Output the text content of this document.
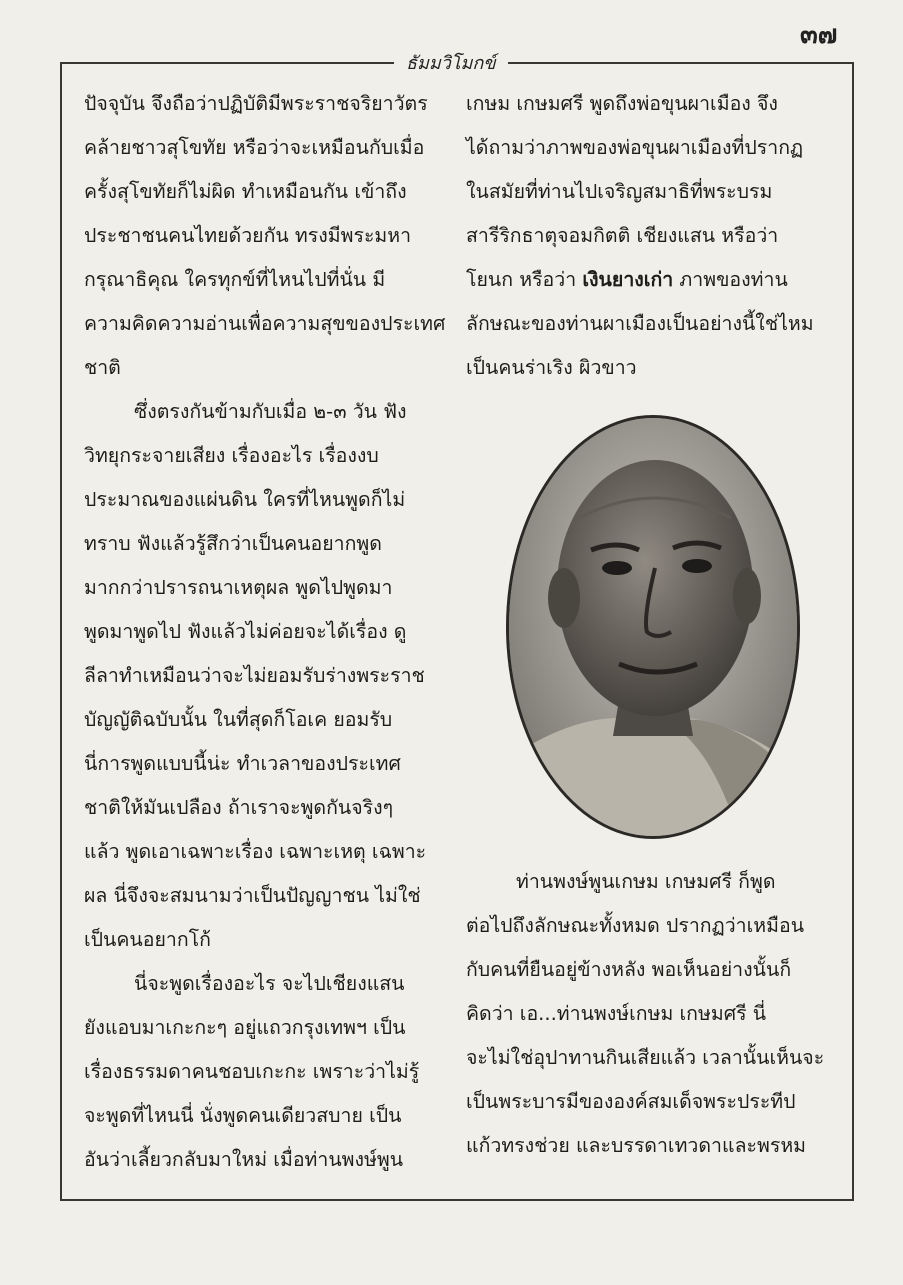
๓๗
ธัมมวิโมกข์
ปัจจุบัน จึงถือว่าปฏิบัติมีพระราชจริยาวัตร
คล้ายชาวสุโขทัย หรือว่าจะเหมือนกับเมื่อ
ครั้งสุโขทัยก็ไม่ผิด ทำเหมือนกัน เข้าถึง
ประชาชนคนไทยด้วยกัน ทรงมีพระมหา
กรุณาธิคุณ ใครทุกข์ที่ไหนไปที่นั่น มี
ความคิดความอ่านเพื่อความสุขของประเทศ
ชาติ
ซึ่งตรงกันข้ามกับเมื่อ ๒-๓ วัน ฟัง
วิทยุกระจายเสียง เรื่องอะไร เรื่องงบ
ประมาณของแผ่นดิน ใครที่ไหนพูดก็ไม่
ทราบ ฟังแล้วรู้สึกว่าเป็นคนอยากพูด
มากกว่าปรารถนาเหตุผล พูดไปพูดมา
พูดมาพูดไป ฟังแล้วไม่ค่อยจะได้เรื่อง ดู
ลีลาทำเหมือนว่าจะไม่ยอมรับร่างพระราช
บัญญัติฉบับนั้น ในที่สุดก็โอเค ยอมรับ
นี่การพูดแบบนี้น่ะ ทำเวลาของประเทศ
ชาติให้มันเปลือง ถ้าเราจะพูดกันจริงๆ
แล้ว พูดเอาเฉพาะเรื่อง เฉพาะเหตุ เฉพาะ
ผล นี่จึงจะสมนามว่าเป็นปัญญาชน ไม่ใช่
เป็นคนอยากโก้
นี่จะพูดเรื่องอะไร จะไปเชียงแสน
ยังแอบมาเกะกะๆ อยู่แถวกรุงเทพฯ เป็น
เรื่องธรรมดาคนชอบเกะกะ เพราะว่าไม่รู้
จะพูดที่ไหนนี่ นั่งพูดคนเดียวสบาย เป็น
อันว่าเลี้ยวกลับมาใหม่ เมื่อท่านพงษ์พูน
เกษม เกษมศรี พูดถึงพ่อขุนผาเมือง จึง
ได้ถามว่าภาพของพ่อขุนผาเมืองที่ปรากฏ
ในสมัยที่ท่านไปเจริญสมาธิที่พระบรม
สารีริกธาตุจอมกิตติ เชียงแสน หรือว่า
โยนก หรือว่า เงินยางเก่า ภาพของท่าน
ลักษณะของท่านผาเมืองเป็นอย่างนี้ใช่ไหม
เป็นคนร่าเริง ผิวขาว
ท่านพงษ์พูนเกษม เกษมศรี ก็พูด
ต่อไปถึงลักษณะทั้งหมด ปรากฏว่าเหมือน
กับคนที่ยืนอยู่ข้างหลัง พอเห็นอย่างนั้นก็
คิดว่า เอ...ท่านพงษ์เกษม เกษมศรี นี่
จะไม่ใช่อุปาทานกินเสียแล้ว เวลานั้นเห็นจะ
เป็นพระบารมีขององค์สมเด็จพระประทีป
แก้วทรงช่วย และบรรดาเทวดาและพรหม
